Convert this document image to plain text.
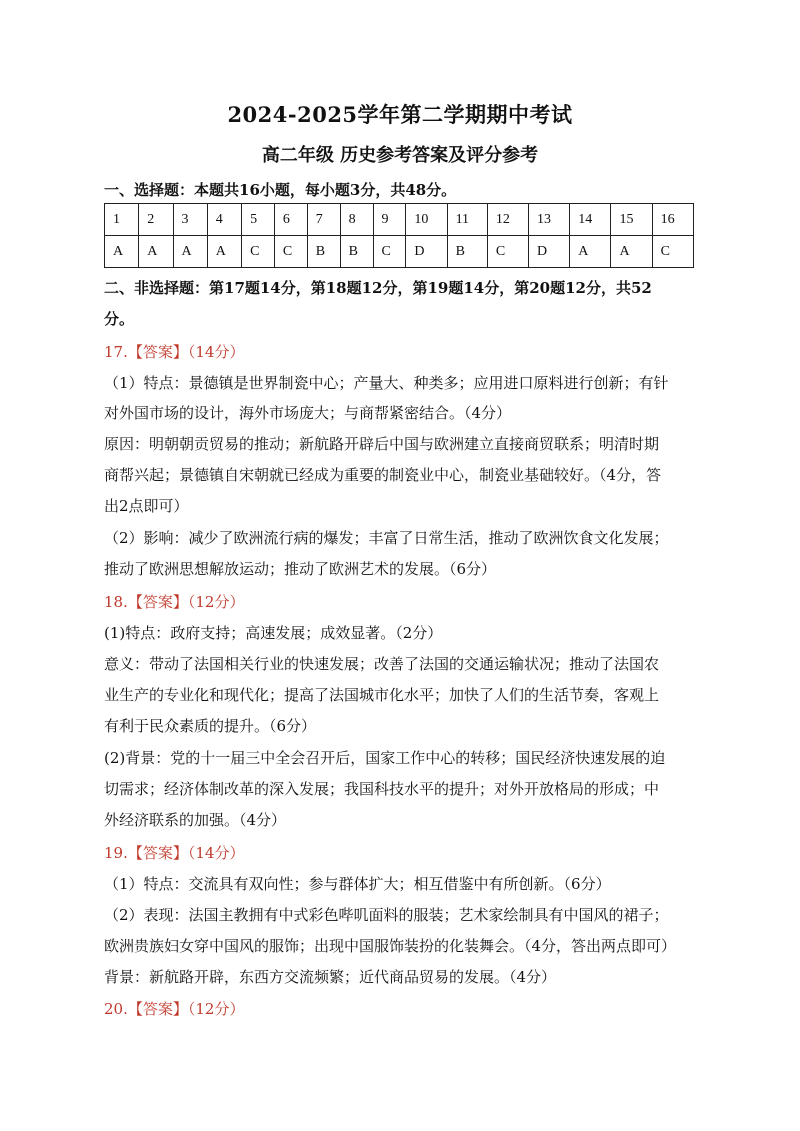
2024-2025学年第二学期期中考试
高二年级 历史参考答案及评分参考
一、选择题：本题共16小题，每小题3分，共48分。
1	2	3	4	5	6	7	8	9	10	11	12	13	14	15	16
A	A	A	A	C	C	B	B	C	D	B	C	D	A	A	C
二、非选择题：第17题14分，第18题12分，第19题14分，第20题12分，共52
分。
17.【答案】（14分）
（1）特点：景德镇是世界制瓷中心；产量大、种类多；应用进口原料进行创新；有针
对外国市场的设计，海外市场庞大；与商帮紧密结合。（4分）
原因：明朝朝贡贸易的推动；新航路开辟后中国与欧洲建立直接商贸联系；明清时期
商帮兴起；景德镇自宋朝就已经成为重要的制瓷业中心，制瓷业基础较好。（4分，答
出2点即可）
（2）影响：减少了欧洲流行病的爆发；丰富了日常生活，推动了欧洲饮食文化发展；
推动了欧洲思想解放运动；推动了欧洲艺术的发展。（6分）
18.【答案】（12分）
(1)特点：政府支持；高速发展；成效显著。（2分）
意义：带动了法国相关行业的快速发展；改善了法国的交通运输状况；推动了法国农
业生产的专业化和现代化；提高了法国城市化水平；加快了人们的生活节奏，客观上
有利于民众素质的提升。（6分）
(2)背景：党的十一届三中全会召开后，国家工作中心的转移；国民经济快速发展的迫
切需求；经济体制改革的深入发展；我国科技水平的提升；对外开放格局的形成；中
外经济联系的加强。（4分）
19.【答案】（14分）
（1）特点：交流具有双向性；参与群体扩大；相互借鉴中有所创新。（6分）
（2）表现：法国主教拥有中式彩色哔叽面料的服装；艺术家绘制具有中国风的裙子；
欧洲贵族妇女穿中国风的服饰；出现中国服饰装扮的化装舞会。（4分，答出两点即可）
背景：新航路开辟，东西方交流频繁；近代商品贸易的发展。（4分）
20.【答案】（12分）
